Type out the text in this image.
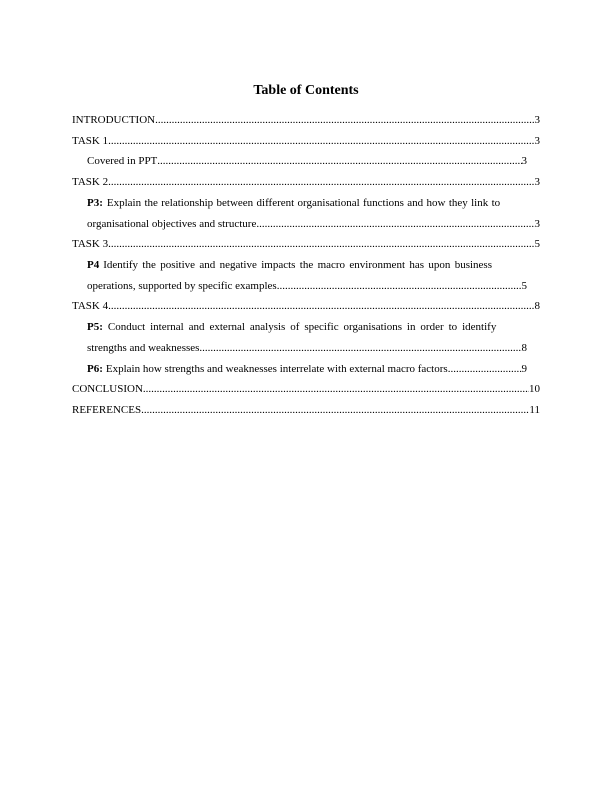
Table of Contents
INTRODUCTION .....	3
TASK 1 .....	3
Covered in PPT .....	3
TASK 2 .....	3
P3: Explain the relationship between different organisational functions and how they link to
organisational objectives and structure .....	3
TASK 3 .....	5
P4 Identify the positive and negative impacts the macro environment has upon business
operations, supported by specific examples .....	5
TASK 4 .....	8
P5: Conduct internal and external analysis of specific organisations in order to identify
strengths and weaknesses .....	8
P6: Explain how strengths and weaknesses interrelate with external macro factors .....	9
CONCLUSION .....	10
REFERENCES .....	11
